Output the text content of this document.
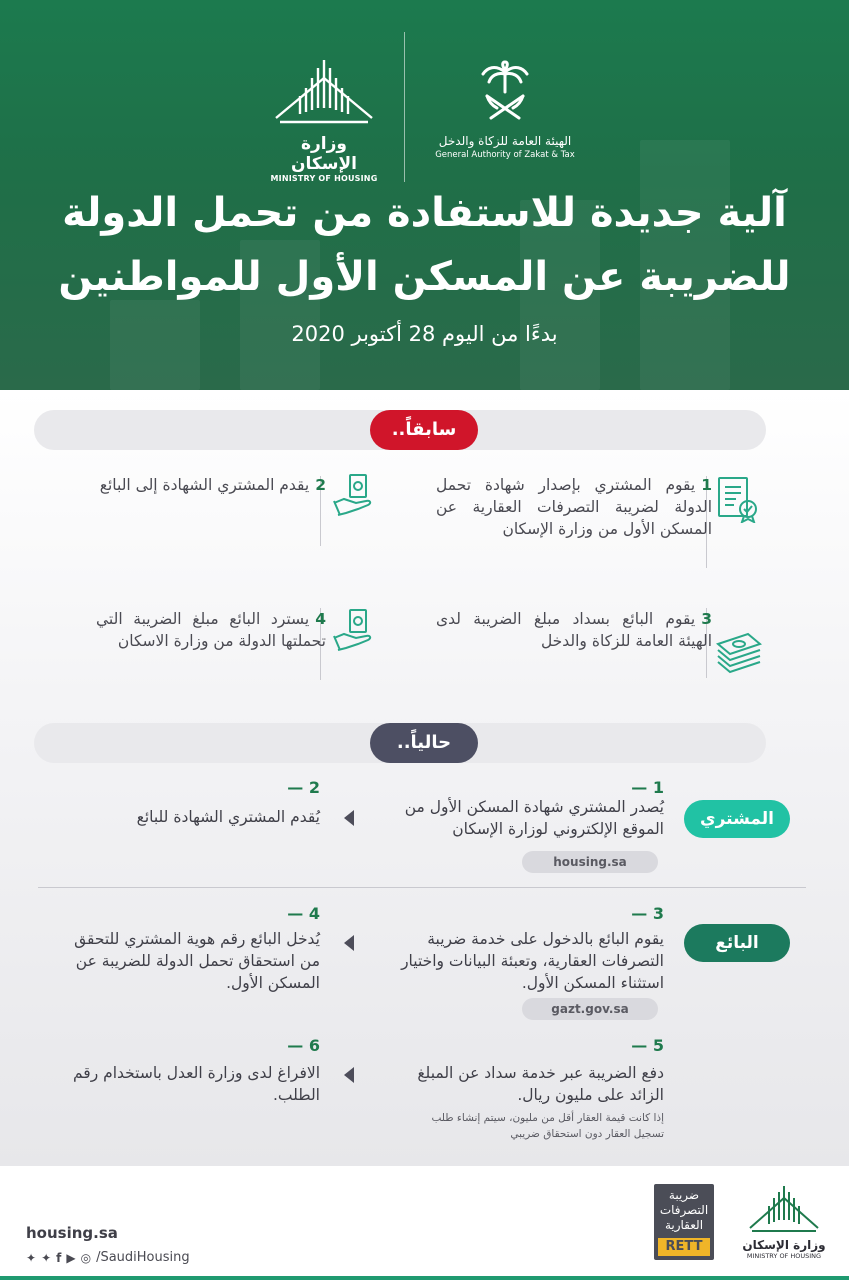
وزارة الإسكان
MINISTRY OF HOUSING
الهيئة العامة للزكاة والدخل
General Authority of Zakat & Tax
آلية جديدة للاستفادة من تحمل الدولة
للضريبة عن المسكن الأول للمواطنين
بدءًا من اليوم 28 أكتوبر 2020
سابقاً..
1يقوم المشتري بإصدار شهادة تحمل الدولة لضريبة التصرفات العقارية عن المسكن الأول من وزارة الإسكان
2يقدم المشتري الشهادة إلى البائع
3يقوم البائع بسداد مبلغ الضريبة لدى الهيئة العامة للزكاة والدخل
4يسترد البائع مبلغ الضريبة التي تحملتها الدولة من وزارة الاسكان
حالياً..
1 —
يُصدر المشتري شهادة المسكن الأول من الموقع الإلكتروني لوزارة الإسكان
housing.sa
2 —
يُقدم المشتري الشهادة للبائع	المشتري
3 —
يقوم البائع بالدخول على خدمة ضريبة التصرفات العقارية، وتعبئة البيانات واختيار استثناء المسكن الأول.
gazt.gov.sa
4 —
يُدخل البائع رقم هوية المشتري للتحقق من استحقاق تحمل الدولة للضريبة عن المسكن الأول.
البائع
5 —
دفع الضريبة عبر خدمة سداد عن المبلغ الزائد على مليون ريال.
إذا كانت قيمة العقار أقل من مليون، سيتم إنشاء طلب تسجيل العقار دون استحقاق ضريبي
6 —
الافراغ لدى وزارة العدل باستخدام رقم الطلب.
housing.sa
✦ ✦ f ▶ ◎ /SaudiHousing
ضريبة التصرفات العقارية
RETT	وزارة الإسكان
MINISTRY OF HOUSING
